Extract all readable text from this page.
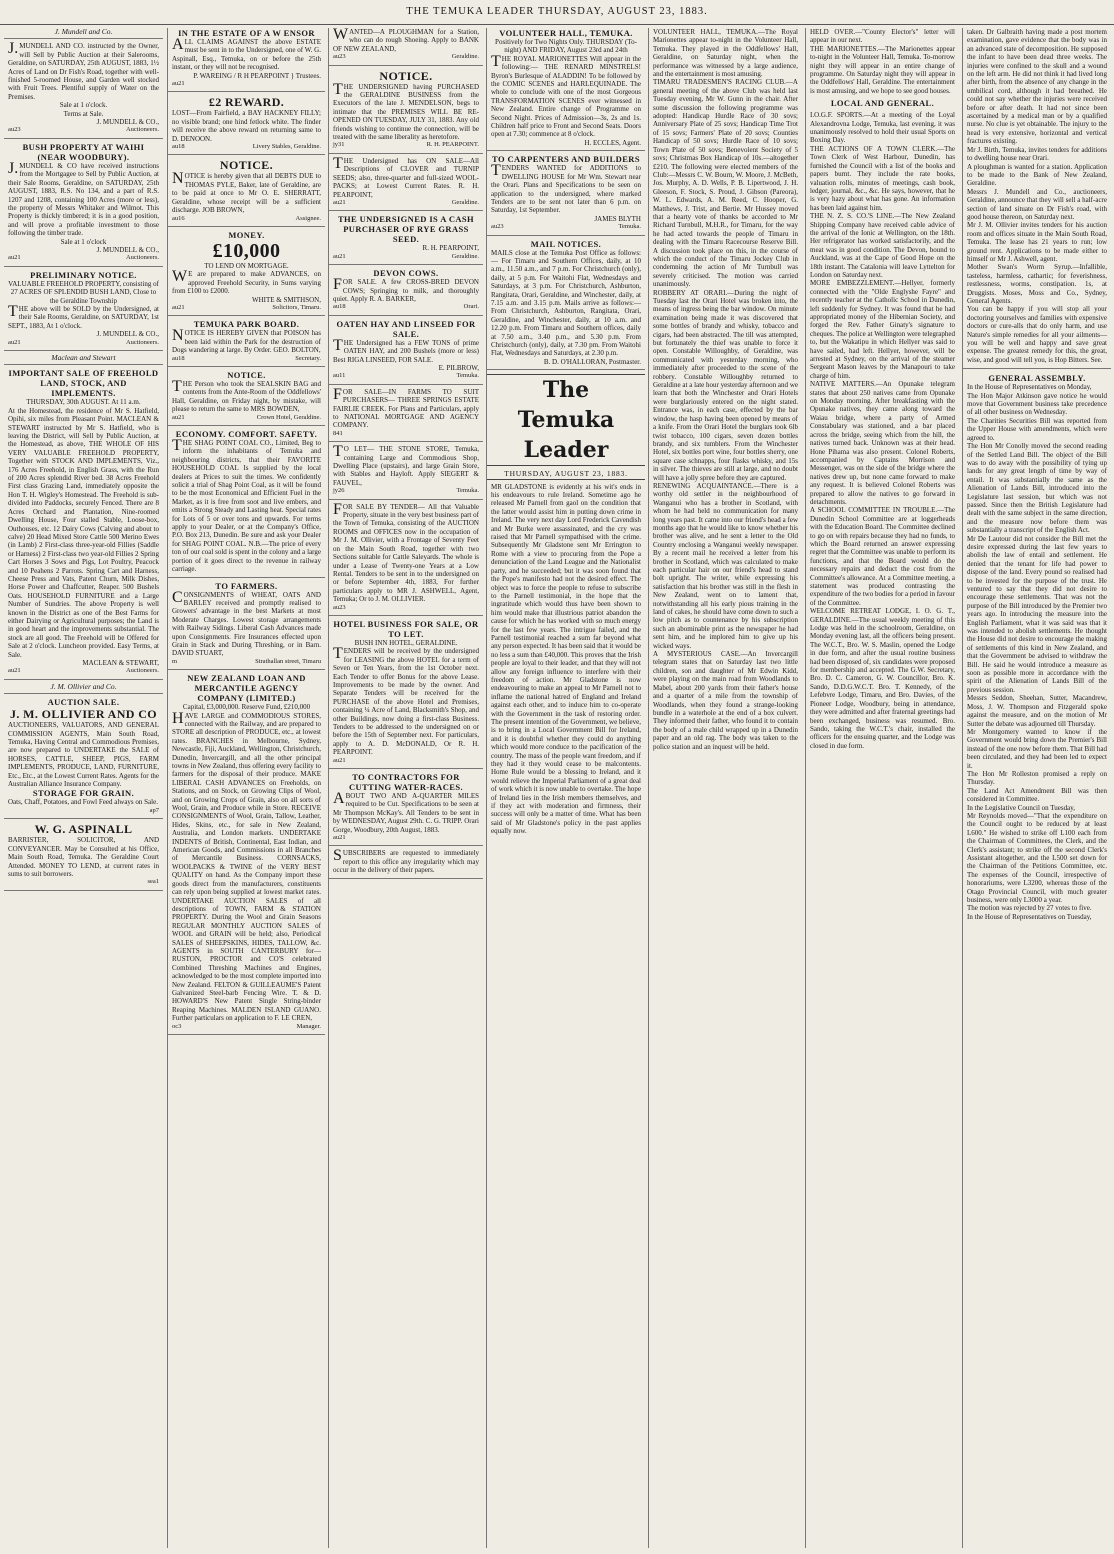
THE TEMUKA LEADER THURSDAY, AUGUST 23, 1883.
J. Mundell and Co.
J.MUNDELL AND CO. instructed by the Owner, will Sell by Public Auction at their Salerooms, Geraldine, on SATURDAY, 25th AUGUST, 1883, 1½ Acres of Land on Dr Fish's Road, together with well-finished 5-roomed House, and Garden well stocked with Fruit Trees. Plentiful supply of Water on the Premises.
Sale at 1 o'clock.
Terms at Sale.
J. MUNDELL & CO.,
au23	Auctioneers.
BUSH PROPERTY AT WAIHI (NEAR WOODBURY).
J.MUNDELL & CO have received instructions from the Mortgagee to Sell by Public Auction, at their Sale Rooms, Geraldine, on SATURDAY, 25th AUGUST, 1883, R.S. No 134, and a part of R.S. 1207 and 1208, containing 100 Acres (more or less), the property of Messrs Whitaker and Wilmot. This Property is thickly timbered; it is in a good position, and will prove a profitable investment to those following the timber trade.
Sale at 1 o'clock
J. MUNDELL & CO.,
au21	Auctioneers.
PRELIMINARY NOTICE.
VALUABLE FREEHOLD PROPERTY, consisting of 27 ACRES OF SPLENDID BUSH LAND, Close to the Geraldine Township
THE above will be SOLD by the Undersigned, at their Sale Rooms, Geraldine, on SATURDAY, 1st SEPT., 1883, At 1 o'clock.
J. MUNDELL & CO.,
au21	Auctioneers.
Maclean and Stewart
IMPORTANT SALE OF FREEHOLD LAND, STOCK, AND IMPLEMENTS.
THURSDAY, 30th AUGUST. At 11 a.m.
At the Homestead, the residence of Mr S. Hatfield, Opihi, six miles from Pleasant Point. MACLEAN & STEWART instructed by Mr S. Hatfield, who is leaving the District, will Sell by Public Auction, at the Homestead, as above, THE WHOLE OF HIS VERY VALUABLE FREEHOLD PROPERTY, Together with STOCK AND IMPLEMENTS, Viz., 176 Acres Freehold, in English Grass, with the Run of 200 Acres splendid River bed. 38 Acres Freehold First class Grazing Land, immediately opposite the Hon T. H. Wigley's Homestead. The Freehold is sub-divided into Paddocks, securely Fenced. There are 8 Acres Orchard and Plantation, Nine-roomed Dwelling House, Four stalled Stable, Loose-box, Outhouses, etc. 12 Dairy Cows (Calving and about to calve) 20 Head Mixed Store Cattle 500 Merino Ewes (in Lamb) 2 First-class three-year-old Fillies (Saddle or Harness) 2 First-class two year-old Fillies 2 Spring Cart Horses 3 Sows and Pigs, Lot Poultry, Peacock and 10 Peahens 2 Parrots. Spring Cart and Harness, Cheese Press and Vats, Patent Churn, Milk Dishes, Horse Power and Chaffcutter, Reaper. 500 Bushels Oats. HOUSEHOLD FURNITURE and a Large Number of Sundries. The above Property is well known in the District as one of the Best Farms for either Dairying or Agricultural purposes; the Land is in good heart and the improvements substantial. The stock are all good. The Freehold will be Offered for Sale at 2 o'clock. Luncheon provided. Easy Terms, at Sale.
MACLEAN & STEWART,
au21	Auctioneers.
J. M. Ollivier and Co.
AUCTION SALE.
J. M. OLLIVIER AND CO
AUCTIONEERS, VALUATORS, AND GENERAL COMMISSION AGENTS, Main South Road, Temuka, Having Central and Commodious Premises, are now prepared to UNDERTAKE the SALE of HORSES, CATTLE, SHEEP, PIGS, FARM IMPLEMENTS, PRODUCE, LAND, FURNITURE, Etc., Etc., at the Lowest Current Rates. Agents for the Australian Alliance Insurance Company.
STORAGE FOR GRAIN.
Oats, Chaff, Potatoes, and Fowl Feed always on Sale.
ap7
W. G. ASPINALL
BARRISTER, SOLICITOR, AND CONVEYANCER. May be Consulted at his Office, Main South Road, Temuka. The Geraldine Court Attended. MONEY TO LEND, at current rates in sums to suit borrowers.
sea1
IN THE ESTATE OF A W ENSOR
ALL CLAIMS AGAINST the above ESTATE must be sent in to the Undersigned, one of W. G. Aspinall, Esq., Temuka, on or before the 25th instant, or they will not be recognised.
P. WAREING / R H PEARPOINT } Trustees.
au21
£2 REWARD.
LOST—From Fairfield, a BAY HACKNEY FILLY; no visible brand; one hind fetlock white. The finder will receive the above reward on returning same to D. DENOON.
au18	Livery Stables, Geraldine.
NOTICE.
NOTICE is hereby given that all DEBTS DUE to THOMAS PYLE, Baker, late of Geraldine, are to be paid at once to Mr O. E. SHERRATT, Geraldine, whose receipt will be a sufficient discharge. JOB BROWN,
au16	Assignee.
MONEY.
£10,000
TO LEND ON MORTGAGE.
WE are prepared to make ADVANCES, on approved Freehold Security, in Sums varying from £100 to £2000.
WHITE & SMITHSON,
au21	Solicitors, Timaru.
TEMUKA PARK BOARD.
NOTICE IS HEREBY GIVEN that POISON has been laid within the Park for the destruction of Dogs wandering at large. By Order. GEO. BOLTON,
au18	Secretary.
NOTICE.
THE Person who took the SEALSKIN BAG and contents from the Ante-Room of the Oddfellows' Hall, Geraldine, on Friday night, by mistake, will please to return the same to MRS BOWDEN,
au21	Crown Hotel, Geraldine.
ECONOMY. COMFORT. SAFETY.
THE SHAG POINT COAL CO., Limited, Beg to inform the inhabitants of Temuka and neighbouring districts, that their FAVORITE HOUSEHOLD COAL Is supplied by the local dealers at Prices to suit the times. We confidently solicit a trial of Shag Point Coal, as it will be found to be the most Economical and Efficient Fuel in the Market, as it is free from soot and live embers, and emits a Strong Steady and Lasting heat. Special rates for Lots of 5 or over tons and upwards. For terms apply to your Dealer, or at the Company's Office, P.O. Box 213, Dunedin. Be sure and ask your Dealer for SHAG POINT COAL. N.B.—The price of every ton of our coal sold is spent in the colony and a large portion of it goes direct to the revenue in railway carriage.
TO FARMERS.
CONSIGNMENTS of WHEAT, OATS AND BARLEY received and promptly realised to Growers' advantage in the best Markets at most Moderate Charges. Lowest storage arrangements with Railway Sidings. Liberal Cash Advances made upon Consignments. Fire Insurances effected upon Grain in Stack and During Threshing, or in Barn. DAVID STUART,
m	Strathallan street, Timaru
NEW ZEALAND LOAN AND MERCANTILE AGENCY COMPANY (LIMITED.)
Capital, £3,000,000. Reserve Fund, £210,000
HAVE LARGE and COMMODIOUS STORES, connected with the Railway, and are prepared to STORE all description of PRODUCE, etc., at lowest rates. BRANCHES in Melbourne, Sydney, Newcastle, Fiji, Auckland, Wellington, Christchurch, Dunedin, Invercargill, and all the other principal towns in New Zealand, thus offering every facility to farmers for the disposal of their produce. MAKE LIBERAL CASH ADVANCES on Freeholds, on Stations, and on Stock, on Growing Clips of Wool, and on Growing Crops of Grain, also on all sorts of Wool, Grain, and Produce while in Store. RECEIVE CONSIGNMENTS of Wool, Grain, Tallow, Leather, Hides, Skins, etc., for sale in New Zealand, Australia, and London markets. UNDERTAKE INDENTS of British, Continental, East Indian, and American Goods, and Commissions in all Branches of Mercantile Business. CORNSACKS, WOOLPACKS & TWINE of the VERY BEST QUALITY on hand. As the Company import these goods direct from the manufacturers, constituents can rely upon being supplied at lowest market rates. UNDERTAKE AUCTION SALES of all descriptions of TOWN, FARM & STATION PROPERTY. During the Wool and Grain Seasons REGULAR MONTHLY AUCTION SALES of WOOL and GRAIN will be held; also, Periodical SALES of SHEEPSKINS, HIDES, TALLOW, &c. AGENTS in SOUTH CANTERBURY for— RUSTON, PROCTOR and CO'S celebrated Combined Threshing Machines and Engines, acknowledged to be the most complete imported into New Zealand. FELTON & GUILLEAUME'S Patent Galvanized Steel-barb Fencing Wire. T. & D. HOWARD'S New Patent Single String-binder Reaping Machines. MALDEN ISLAND GUANO. Further particulars on application to F. LE CREN,
oc3	Manager.
WANTED—A PLOUGHMAN for a Station, who can do rough Shoeing. Apply to BANK OF NEW ZEALAND,
au23	Geraldine.
NOTICE.
THE UNDERSIGNED having PURCHASED the GERALDINE BUSINESS from the Executors of the late J. MENDELSON, begs to intimate that the PREMISES WILL BE RE-OPENED ON TUESDAY, JULY 31, 1883. Any old friends wishing to continue the connection, will be treated with the same liberality as heretofore.
jy31	R. H. PEARPOINT.
THE Undersigned has ON SALE—All Descriptions of CLOVER and TURNIP SEEDS; also, three-quarter and full-sized WOOL-PACKS; at Lowest Current Rates. R. H. PEARPOINT,
au21	Geraldine.
THE UNDERSIGNED IS A CASH PURCHASER OF RYE GRASS SEED.
R. H. PEARPOINT,
au21	Geraldine.
DEVON COWS.
FOR SALE. A few CROSS-BRED DEVON COWS; Springing to milk, and thoroughly quiet. Apply R. A. BARKER,
au18	Orari.
OATEN HAY AND LINSEED FOR SALE.
THE Undersigned has a FEW TONS of prime OATEN HAY, and 200 Bushels (more or less) Best RIGA LINSEED, FOR SALE.
E. PILBROW,
au11	Temuka.
FOR SALE—IN FARMS TO SUIT PURCHASERS— THREE SPRINGS ESTATE FAIRLIE CREEK. For Plans and Particulars, apply to NATIONAL MORTGAGE AND AGENCY COMPANY.
841
TO LET— THE STONE STORE, Temuka, containing Large and Commodious Shop, Dwelling Place (upstairs), and large Grain Store, with Stables and Hayloft. Apply SIEGERT & FAUVEL,
jy26	Temuka.
FOR SALE BY TENDER— All that Valuable Property, situate in the very best business part of the Town of Temuka, consisting of the AUCTION ROOMS and OFFICES now in the occupation of Mr J. M. Ollivier, with a Frontage of Seventy Feet on the Main South Road, together with two Sections suitable for Cattle Saleyards. The whole is under a Lease of Twenty-one Years at a Low Rental. Tenders to be sent in to the undersigned on or before September 4th, 1883, For further particulars apply to MR J. ASHWELL, Agent, Temuka; Or to J. M. OLLIVIER.
au23
HOTEL BUSINESS FOR SALE, OR TO LET.
BUSH INN HOTEL, GERALDINE.
TENDERS will be received by the undersigned for LEASING the above HOTEL for a term of Seven or Ten Years, from the 1st October next. Each Tender to offer Bonus for the above Lease. Improvements to be made by the owner. And Separate Tenders will be received for the PURCHASE of the above Hotel and Premises, containing ¼ Acre of Land, Blacksmith's Shop, and other Buildings, now doing a first-class Business. Tenders to be addressed to the undersigned on or before the 15th of September next. For particulars, apply to A. D. McDONALD, Or R. H. PEARPOINT.
au21
TO CONTRACTORS FOR CUTTING WATER-RACES.
ABOUT TWO AND A-QUARTER MILES required to be Cut. Specifications to be seen at Mr Thompson McKay's. All Tenders to be sent in by WEDNESDAY, August 29th. C. G. TRIPP. Orari Gorge, Woodbury, 20th August, 1883.
au21
SUBSCRIBERS are requested to immediately report to this office any irregularity which may occur in the delivery of their papers.
VOLUNTEER HALL, TEMUKA.
Positively for Two Nights Only. THURSDAY (To-night) AND FRIDAY, August 23rd and 24th
THE ROYAL MARIONETTES Will appear in the following:— THE RENARD MINSTRELS! Byron's Burlesque of ALADDIN! To be followed by the COMIC SCENES and HARLEQUINADE. The whole to conclude with one of the most Gorgeous TRANSFORMATION SCENES ever witnessed in New Zealand. Entire change of Programme on Second Night. Prices of Admission—3s, 2s and 1s. Children half price to Front and Second Seats. Doors open at 7.30; commence at 8 o'clock.
H. ECCLES, Agent.
TO CARPENTERS AND BUILDERS
TENDERS WANTED for ADDITIONS to DWELLING HOUSE for Mr Wm. Stewart near the Orari. Plans and Specifications to be seen on application to the undersigned, where marked Tenders are to be sent not later than 6 p.m. on Saturday, 1st September.
JAMES BLYTH
au23	Temuka.
MAIL NOTICES.
MAILS close at the Temuka Post Office as follows:— For Timaru and Southern Offices, daily, at 10 a.m., 11.50 a.m., and 7 p.m. For Christchurch (only), daily, at 5 p.m. For Waitohi Flat, Wednesdays and Saturdays, at 3 p.m. For Christchurch, Ashburton, Rangitata, Orari, Geraldine, and Winchester, daily, at 7.15 a.m. and 3.15 p.m. Mails arrive as follows:— From Christchurch, Ashburton, Rangitata, Orari, Geraldine, and Winchester, daily, at 10 a.m. and 12.20 p.m. From Timaru and Southern offices, daily at 7.50 a.m., 3.40 p.m., and 5.30 p.m. From Christchurch (only), daily, at 7.30 pm. From Waitohi Flat, Wednesdays and Saturdays, at 2.30 p.m.
B. D. O'HALLORAN, Postmaster.
The Temuka Leader
THURSDAY, AUGUST 23, 1883.
MR GLADSTONE is evidently at his wit's ends in his endeavours to rule Ireland. Sometime ago he released Mr Parnell from gaol on the condition that the latter would assist him in putting down crime in Ireland. The very next day Lord Frederick Cavendish and Mr Burke were assassinated, and the cry was raised that Mr Parnell sympathised with the crime. Subsequently Mr Gladstone sent Mr Errington to Rome with a view to procuring from the Pope a denunciation of the Land League and the Nationalist party, and he succeeded; but it was soon found that the Pope's manifesto had not the desired effect. The object was to force the people to refuse to subscribe to the Parnell testimonial, in the hope that the ingratitude which would thus have been shown to him would make that illustrious patriot abandon the cause for which he has worked with so much energy for the last few years. The intrigue failed, and the Parnell testimonial reached a sum far beyond what any person expected. It has been said that it would be no less a sum than £40,000. This proves that the Irish people are loyal to their leader, and that they will not allow any foreign influence to interfere with their freedom of action. Mr Gladstone is now endeavouring to make an appeal to Mr Parnell not to inflame the national hatred of England and Ireland against each other, and to induce him to co-operate with the Government in the task of restoring order. The present intention of the Government, we believe, is to bring in a Local Government Bill for Ireland, and it is doubtful whether they could do anything which would more conduce to the pacification of the country. The mass of the people want freedom, and if they had it they would cease to be malcontents. Home Rule would be a blessing to Ireland, and it would relieve the Imperial Parliament of a great deal of work which it is now unable to overtake. The hope of Ireland lies in the Irish members themselves, and if they act with moderation and firmness, their success will only be a matter of time. What has been said of Mr Gladstone's policy in the past applies equally now.
VOLUNTEER HALL, TEMUKA.—The Royal Marionettes appear to-night in the Volunteer Hall, Temuka. They played in the Oddfellows' Hall, Geraldine, on Saturday night, when the performance was witnessed by a large audience, and the entertainment is most amusing.
TIMARU TRADESMEN'S RACING CLUB.—A general meeting of the above Club was held last Tuesday evening, Mr W. Gunn in the chair. After some discussion the following programme was adopted: Handicap Hurdle Race of 30 sovs; Anniversary Plate of 25 sovs; Handicap Time Trot of 15 sovs; Farmers' Plate of 20 sovs; Counties Handicap of 50 sovs; Hurdle Race of 10 sovs; Town Plate of 50 sovs; Benevolent Society of 5 sovs; Christmas Box Handicap of 10s.—altogether £210. The following were elected members of the Club:—Messrs C. W. Bourn, W. Moore, J. McBeth, Jos. Murphy, A. D. Wells, P. B. Lipertwood, J. H. Gleeson, F. Stock, S. Proud, J. Gibson (Pareora), W. L. Edwards, A. M. Reed, C. Hooper, G. Matthews, J. Trist, and Bertie. Mr Hussey moved that a hearty vote of thanks be accorded to Mr Richard Turnbull, M.H.R., for Timaru, for the way he had acted towards the people of Timaru in dealing with the Timaru Racecourse Reserve Bill. A discussion took place on this, in the course of which the conduct of the Timaru Jockey Club in condemning the action of Mr Turnbull was severely criticised. The motion was carried unanimously.
ROBBERY AT ORARI.—During the night of Tuesday last the Orari Hotel was broken into, the means of ingress being the bar window. On minute examination being made it was discovered that some bottles of brandy and whisky, tobacco and cigars, had been abstracted. The till was attempted, but fortunately the thief was unable to force it open. Constable Willoughby, of Geraldine, was communicated with yesterday morning, who immediately after proceeded to the scene of the robbery. Constable Willoughby returned to Geraldine at a late hour yesterday afternoon and we learn that both the Winchester and Orari Hotels were burglariously entered on the night stated. Entrance was, in each case, effected by the bar window, the hasp having been opened by means of a knife. From the Orari Hotel the burglars took 6lb twist tobacco, 100 cigars, seven dozen bottles brandy, and six tumblers. From the Winchester Hotel, six bottles port wine, four bottles sherry, one square case schnapps, four flasks whisky, and 15s in silver. The thieves are still at large, and no doubt will have a jolly spree before they are captured.
RENEWING ACQUAINTANCE.—There is a worthy old settler in the neighbourhood of Wanganui who has a brother in Scotland, with whom he had held no communication for many long years past. It came into our friend's head a few months ago that he would like to know whether his brother was alive, and he sent a letter to the Old Country enclosing a Wanganui weekly newspaper. By a recent mail he received a letter from his brother in Scotland, which was calculated to make each particular hair on our friend's head to stand bolt upright. The writer, while expressing his satisfaction that his brother was still in the flesh in New Zealand, went on to lament that, notwithstanding all his early pious training in the land of cakes, he should have come down to such a low pitch as to countenance by his subscription such an abominable print as the newspaper he had sent him, and he implored him to give up his wicked ways.
A MYSTERIOUS CASE.—An Invercargill telegram states that on Saturday last two little children, son and daughter of Mr Edwin Kidd, were playing on the main road from Woodlands to Mabel, about 200 yards from their father's house and a quarter of a mile from the township of Woodlands, when they found a strange-looking bundle in a waterhole at the end of a box culvert. They informed their father, who found it to contain the body of a male child wrapped up in a Dunedin paper and an old rag. The body was taken to the police station and an inquest will be held.
HELD OVER.—"County Elector's" letter will appear in our next.
THE MARIONETTES.—The Marionettes appear to-night in the Volunteer Hall, Temuka. To-morrow night they will appear in an entire change of programme. On Saturday night they will appear in the Oddfellows' Hall, Geraldine. The entertainment is most amusing, and we hope to see good houses.
LOCAL AND GENERAL.
I.O.G.F. SPORTS.—At a meeting of the Loyal Alexandrovna Lodge, Temuka, last evening, it was unanimously resolved to hold their usual Sports on Boxing Day.
THE ACTIONS OF A TOWN CLERK.—The Town Clerk of West Harbour, Dunedin, has furnished the Council with a list of the books and papers burnt. They include the rate books, valuation rolls, minutes of meetings, cash book, ledger, journal, &c., &c. He says, however, that he is very hazy about what has gone. An information has been laid against him.
THE N. Z. S. CO.'S LINE.—The New Zealand Shipping Company have received cable advice of the arrival of the Ionic at Wellington, on the 18th. Her refrigerator has worked satisfactorily, and the meat was in good condition. The Devon, bound to Auckland, was at the Cape of Good Hope on the 18th instant. The Catalonia will leave Lyttelton for London on Saturday next.
MORE EMBEZZLEMENT.—Hellyer, formerly connected with the "Olde Englyshe Fayre" and recently teacher at the Catholic School in Dunedin, left suddenly for Sydney. It was found that he had appropriated money of the Hibernian Society, and forged the Rev. Father Ginaty's signature to cheques. The police at Wellington were telegraphed to, but the Wakatipu in which Hellyer was said to have sailed, had left. Hellyer, however, will be arrested at Sydney, on the arrival of the steamer Sergeant Mason leaves by the Manapouri to take charge of him.
NATIVE MATTERS.—An Opunake telegram states that about 250 natives came from Opunake on Monday morning. After breakfasting with the Opunake natives, they came along toward the Waiau bridge, where a party of Armed Constabulary was stationed, and a bar placed across the bridge, seeing which from the hill, the natives turned back. Unknown was at their head. Hone Pihama was also present. Colonel Roberts, accompanied by Captains Morrison and Messenger, was on the side of the bridge where the natives drew up, but none came forward to make any request. It is believed Colonel Roberts was prepared to allow the natives to go forward in detachments.
A SCHOOL COMMITTEE IN TROUBLE.—The Dunedin School Committee are at loggerheads with the Education Board. The Committee declined to go on with repairs because they had no funds, to which the Board returned an answer expressing regret that the Committee was unable to perform its functions, and that the Board would do the necessary repairs and deduct the cost from the Committee's allowance. At a Committee meeting, a statement was produced contrasting the expenditure of the two bodies for a period in favour of the Committee.
WELCOME RETREAT LODGE, I. O. G. T., GERALDINE.—The usual weekly meeting of this Lodge was held in the schoolroom, Geraldine, on Monday evening last, all the officers being present. The W.C.T., Bro. W. S. Maslin, opened the Lodge in due form, and after the usual routine business had been disposed of, six candidates were proposed for membership and accepted. The G.W. Secretary, Bro. D. C. Cameron, G. W. Councillor, Bro. K. Sando, D.D.G.W.C.T. Bro. T. Kennedy, of the Lefebvre Lodge, Timaru, and Bro. Davies, of the Pioneer Lodge, Woodbury, being in attendance, they were admitted and after fraternal greetings had been exchanged, business was resumed. Bro. Sando, taking the W.C.T.'s chair, installed the officers for the ensuing quarter, and the Lodge was closed in due form.
taken. Dr Galbraith having made a post mortem examination, gave evidence that the body was in an advanced state of decomposition. He supposed the infant to have been dead three weeks. The injuries were confined to the skull and a wound on the left arm. He did not think it had lived long after birth, from the absence of any change in the umbilical cord, although it had breathed. He could not say whether the injuries were received before or after death. It had not since been ascertained by a medical man or by a qualified nurse. No clue is yet obtainable. The injury to the head is very extensive, horizontal and vertical fractures existing.
Mr J. Birth, Temuka, invites tenders for additions to dwelling house near Orari.
A ploughman is wanted for a station. Application to be made to the Bank of New Zealand, Geraldine.
Messrs J. Mundell and Co., auctioneers, Geraldine, announce that they will sell a half-acre section of land situate on Dr Fish's road, with good house thereon, on Saturday next.
Mr J. M. Ollivier invites tenders for his auction room and offices situate in the Main South Road, Temuka. The lease has 21 years to run; low ground rent. Applications to be made either to himself or Mr J. Ashwell, agent.
Mother Swan's Worm Syrup.—Infallible, tasteless, harmless, cathartic; for feverishness, restlessness, worms, constipation. 1s, at Druggists. Moses, Moss and Co., Sydney, General Agents.
You can be happy if you will stop all your doctoring yourselves and families with expensive doctors or cure-alls that do only harm, and use Nature's simple remedies for all your ailments—you will be well and happy and save great expense. The greatest remedy for this, the great, wise, and good will tell you, is Hop Bitters. See.
GENERAL ASSEMBLY.
In the House of Representatives on Monday,
The Hon Major Atkinson gave notice he would move that Government business take precedence of all other business on Wednesday.
The Charities Securities Bill was reported from the Upper House with amendments, which were agreed to.
The Hon Mr Conolly moved the second reading of the Settled Land Bill. The object of the Bill was to do away with the possibility of tying up lands for any great length of time by way of entail. It was substantially the same as the Alienation of Lands Bill, introduced into the Legislature last session, but which was not passed. Since then the British Legislature had dealt with the same subject in the same direction, and the measure now before them was substantially a transcript of the English Act.
Mr De Lautour did not consider the Bill met the desire expressed during the last few years to abolish the law of entail and settlement. He denied that the tenant for life had power to dispose of the land. Every pound so realised had to be invested for the purpose of the trust. He ventured to say that they did not desire to encourage these settlements. That was not the purpose of the Bill introduced by the Premier two years ago. In introducing the measure into the English Parliament, what it was said was that it was intended to abolish settlements. He thought the House did not desire to encourage the making of settlements of this kind in New Zealand, and that the Government be advised to withdraw the Bill. He said he would introduce a measure as soon as possible more in accordance with the spirit of the Alienation of Lands Bill of the previous session.
Messrs Seddon, Sheehan, Sutter, Macandrew, Moss, J. W. Thompson and Fitzgerald spoke against the measure, and on the motion of Mr Sutter the debate was adjourned till Thursday.
Mr Montgomery wanted to know if the Government would bring down the Premier's Bill instead of the one now before them. That Bill had been circulated, and they had been led to expect it.
The Hon Mr Rolleston promised a reply on Thursday.
The Land Act Amendment Bill was then considered in Committee.
In the Legislative Council on Tuesday,
Mr Reynolds moved—"That the expenditure on the Council ought to be reduced by at least L600." He wished to strike off L100 each from the Chairman of Committees, the Clerk, and the Clerk's assistant; to strike off the second Clerk's Assistant altogether, and the L500 set down for the Chairman of the Petitions Committee, etc. The expenses of the Council, irrespective of honorariums, were L3200, whereas those of the Otago Provincial Council, with much greater business, were only L3000 a year.
The motion was rejected by 27 votes to five.
In the House of Representatives on Tuesday,
